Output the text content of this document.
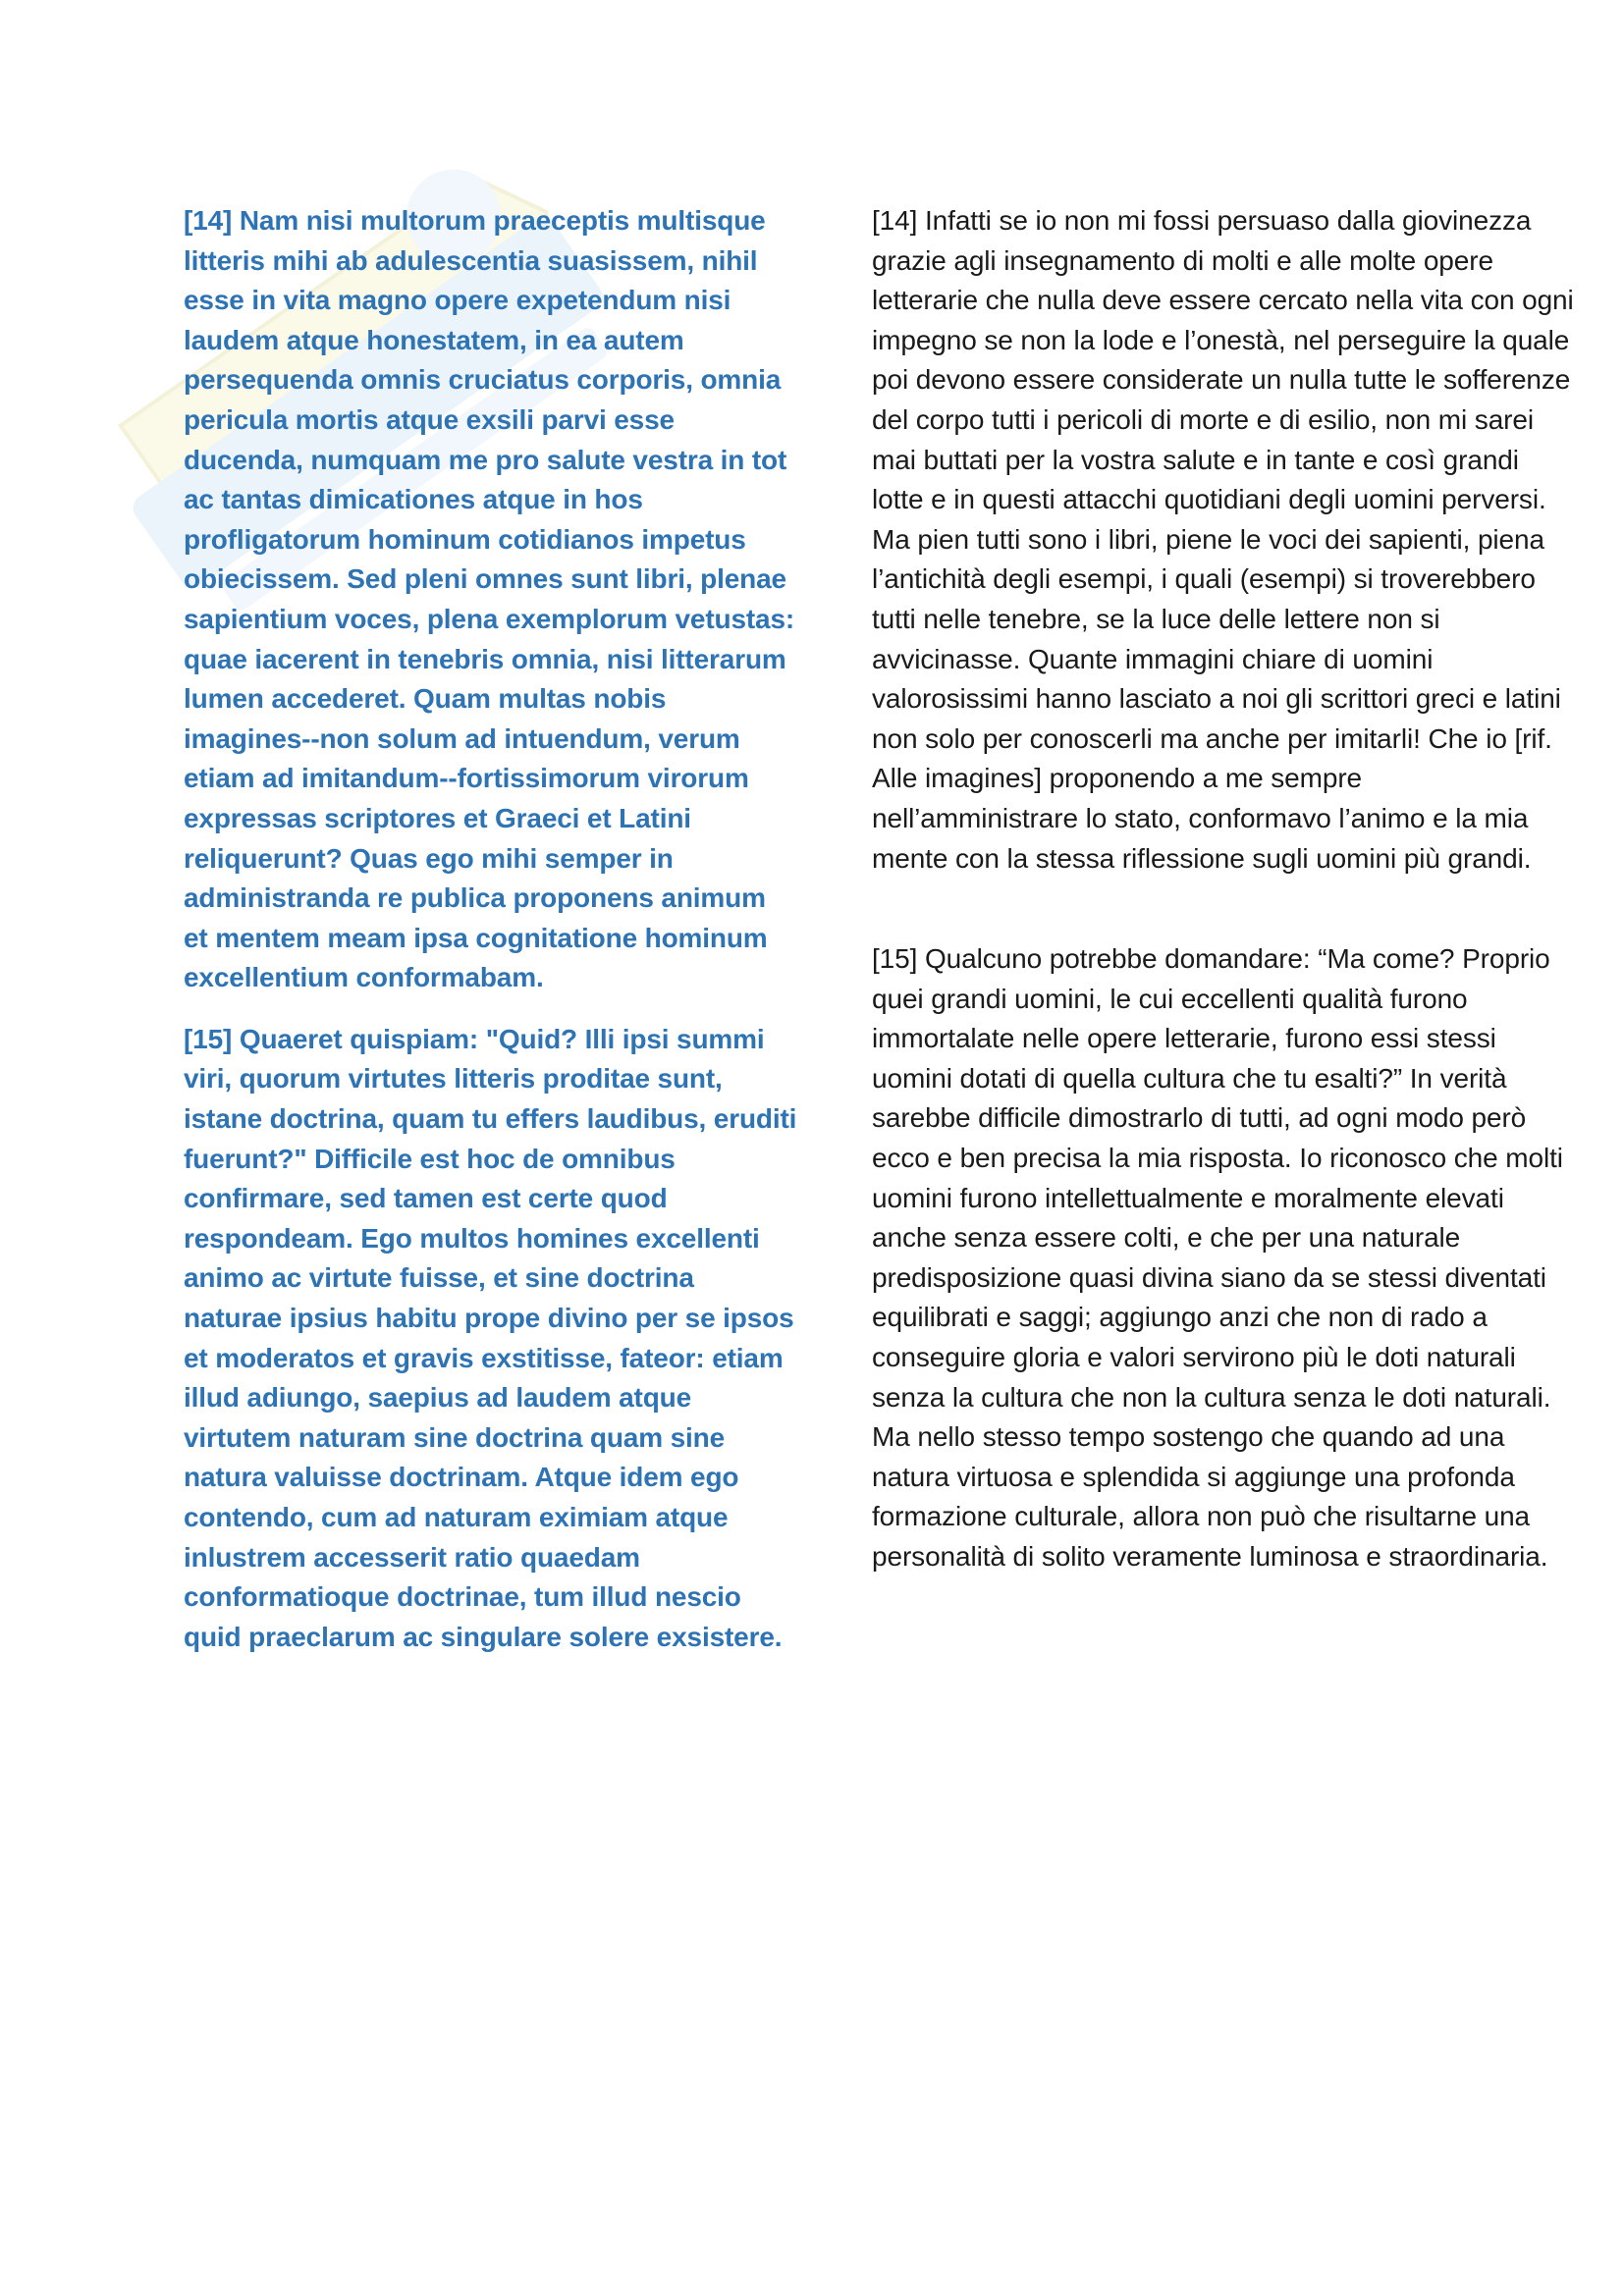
[14] Nam nisi multorum praeceptis multisque litteris mihi ab adulescentia suasissem, nihil esse in vita magno opere expetendum nisi laudem atque honestatem, in ea autem persequenda omnis cruciatus corporis, omnia pericula mortis atque exsili parvi esse ducenda, numquam me pro salute vestra in tot ac tantas dimicationes atque in hos profligatorum hominum cotidianos impetus obiecissem. Sed pleni omnes sunt libri, plenae sapientium voces, plena exemplorum vetustas: quae iacerent in tenebris omnia, nisi litterarum lumen accederet. Quam multas nobis imagines--non solum ad intuendum, verum etiam ad imitandum--fortissimorum virorum expressas scriptores et Graeci et Latini reliquerunt? Quas ego mihi semper in administranda re publica proponens animum et mentem meam ipsa cognitatione hominum excellentium conformabam.

[15] Quaeret quispiam: "Quid? Illi ipsi summi viri, quorum virtutes litteris proditae sunt, istane doctrina, quam tu effers laudibus, eruditi fuerunt?" Difficile est hoc de omnibus confirmare, sed tamen est certe quod respondeam. Ego multos homines excellenti animo ac virtute fuisse, et sine doctrina naturae ipsius habitu prope divino per se ipsos et moderatos et gravis exstitisse, fateor: etiam illud adiungo, saepius ad laudem atque virtutem naturam sine doctrina quam sine natura valuisse doctrinam. Atque idem ego contendo, cum ad naturam eximiam atque inlustrem accesserit ratio quaedam conformatioque doctrinae, tum illud nescio quid praeclarum ac singulare solere exsistere.

[14] Infatti se io non mi fossi persuaso dalla giovinezza grazie agli insegnamento di molti e alle molte opere letterarie che nulla deve essere cercato nella vita con ogni impegno se non la lode e l’onestà, nel perseguire la quale poi devono essere considerate un nulla tutte le sofferenze del corpo tutti i pericoli di morte e di esilio, non mi sarei mai buttati per la vostra salute e in tante e così grandi lotte e in questi attacchi quotidiani degli uomini perversi. Ma pien tutti sono i libri, piene le voci dei sapienti, piena l’antichità degli esempi, i quali (esempi) si troverebbero tutti nelle tenebre, se la luce delle lettere non si avvicinasse. Quante immagini chiare di uomini valorosissimi hanno lasciato a noi gli scrittori greci e latini non solo per conoscerli ma anche per imitarli! Che io [rif. Alle imagines] proponendo a me sempre nell’amministrare lo stato, conformavo l’animo e la mia mente con la stessa riflessione sugli uomini più grandi.

[15] Qualcuno potrebbe domandare: “Ma come? Proprio quei grandi uomini, le cui eccellenti qualità furono immortalate nelle opere letterarie, furono essi stessi uomini dotati di quella cultura che tu esalti?” In verità sarebbe difficile dimostrarlo di tutti, ad ogni modo però ecco e ben precisa la mia risposta. Io riconosco che molti uomini furono intellettualmente e moralmente elevati anche senza essere colti, e che per una naturale predisposizione quasi divina siano da se stessi diventati equilibrati e saggi; aggiungo anzi che non di rado a conseguire gloria e valori servirono più le doti naturali senza la cultura che non la cultura senza le doti naturali. Ma nello stesso tempo sostengo che quando ad una natura virtuosa e splendida si aggiunge una profonda formazione culturale, allora non può che risultarne una personalità di solito veramente luminosa e straordinaria.
